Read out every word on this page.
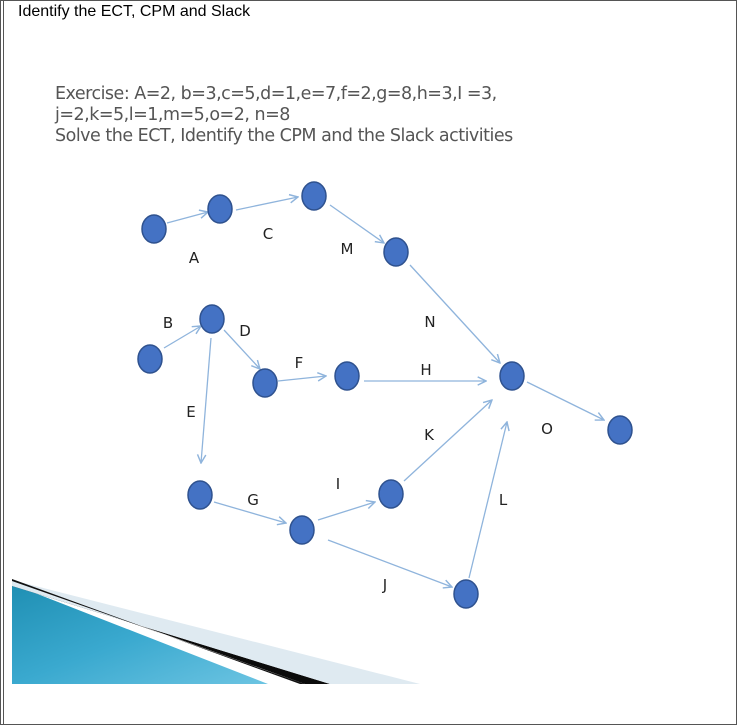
Identify the ECT, CPM and Slack
Exercise: A=2, b=3,c=5,d=1,e=7,f=2,g=8,h=3,I =3,
j=2,k=5,l=1,m=5,o=2, n=8
Solve the ECT, Identify the CPM and the Slack activities
A
C
M
B	D	N
F	H
E
K	O
G
I
L
J
